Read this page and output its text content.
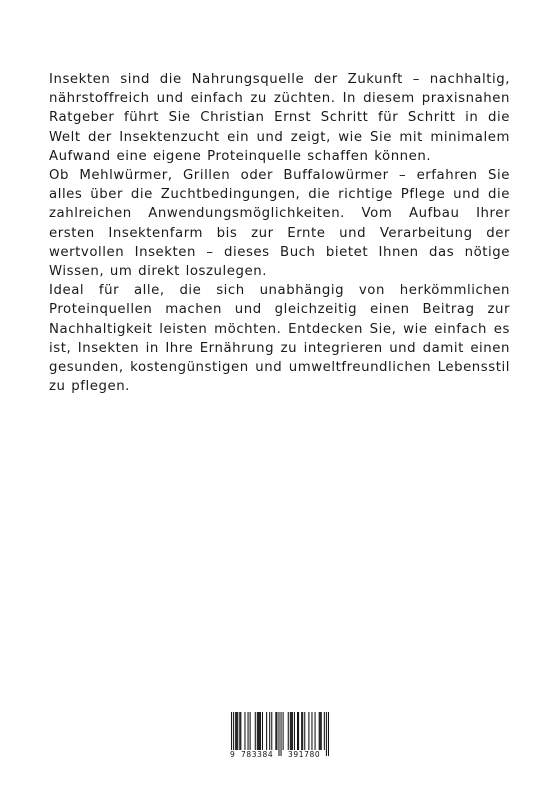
Insekten sind die Nahrungsquelle der Zukunft – nachhaltig, nährstoffreich und einfach zu züchten. In diesem praxisnahen Ratgeber führt Sie Christian Ernst Schritt für Schritt in die Welt der Insektenzucht ein und zeigt, wie Sie mit minimalem Aufwand eine eigene Proteinquelle schaffen können.

Ob Mehlwürmer, Grillen oder Buffalowürmer – erfahren Sie alles über die Zuchtbedingungen, die richtige Pflege und die zahlreichen Anwendungsmöglichkeiten. Vom Aufbau Ihrer ersten Insektenfarm bis zur Ernte und Verarbeitung der wertvollen Insekten – dieses Buch bietet Ihnen das nötige Wissen, um direkt loszulegen.

Ideal für alle, die sich unabhängig von herkömmlichen Proteinquellen machen und gleichzeitig einen Beitrag zur Nachhaltigkeit leisten möchten. Entdecken Sie, wie einfach es ist, Insekten in Ihre Ernährung zu integrieren und damit einen gesunden, kostengünstigen und umweltfreundlichen Lebensstil zu pflegen.

9 783384 391780
